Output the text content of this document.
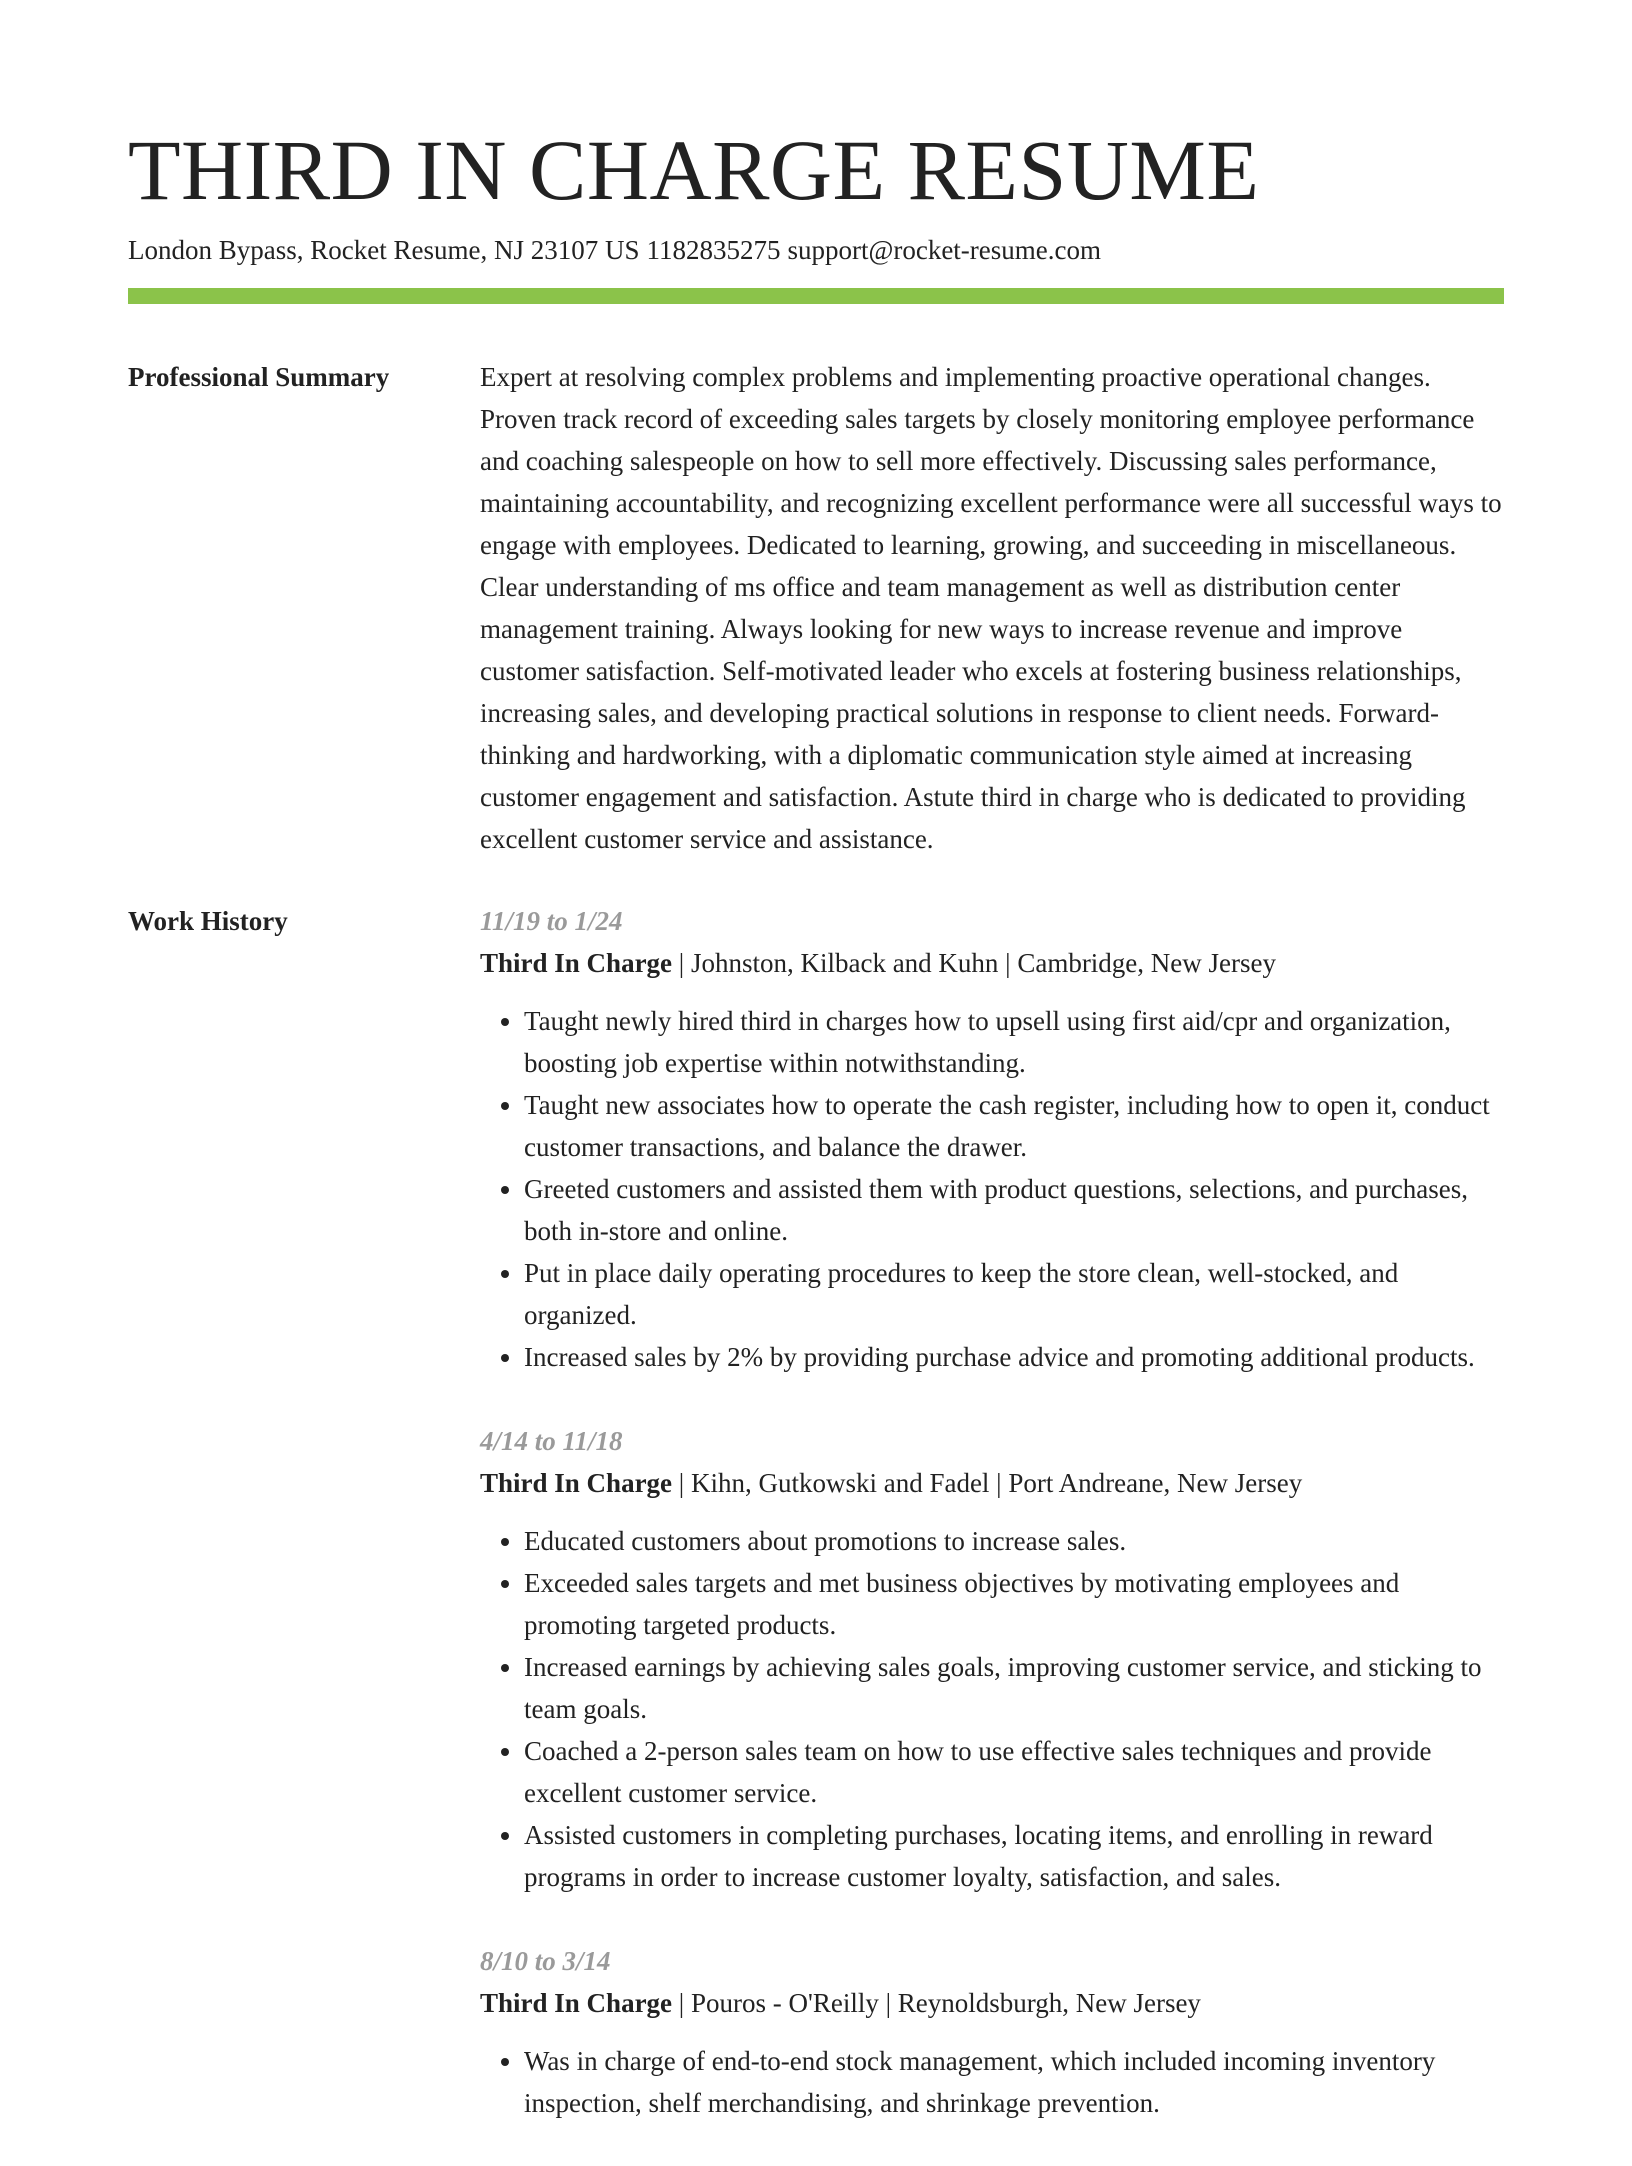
THIRD IN CHARGE RESUME
London Bypass, Rocket Resume, NJ 23107 US 1182835275 support@rocket-resume.com
Professional Summary	Expert at resolving complex problems and implementing proactive operational changes. Proven track record of exceeding sales targets by closely monitoring employee performance and coaching salespeople on how to sell more effectively. Discussing sales performance, maintaining accountability, and recognizing excellent performance were all successful ways to engage with employees. Dedicated to learning, growing, and succeeding in miscellaneous. Clear understanding of ms office and team management as well as distribution center management training. Always looking for new ways to increase revenue and improve customer satisfaction. Self-motivated leader who excels at fostering business relationships, increasing sales, and developing practical solutions in response to client needs. Forward-thinking and hardworking, with a diplomatic communication style aimed at increasing customer engagement and satisfaction. Astute third in charge who is dedicated to providing excellent customer service and assistance.

Work History	11/19 to 1/24
Third In Charge | Johnston, Kilback and Kuhn | Cambridge, New Jersey
• Taught newly hired third in charges how to upsell using first aid/cpr and organization, boosting job expertise within notwithstanding.
• Taught new associates how to operate the cash register, including how to open it, conduct customer transactions, and balance the drawer.
• Greeted customers and assisted them with product questions, selections, and purchases, both in-store and online.
• Put in place daily operating procedures to keep the store clean, well-stocked, and organized.
• Increased sales by 2% by providing purchase advice and promoting additional products.
4/14 to 11/18
Third In Charge | Kihn, Gutkowski and Fadel | Port Andreane, New Jersey
• Educated customers about promotions to increase sales.
• Exceeded sales targets and met business objectives by motivating employees and promoting targeted products.
• Increased earnings by achieving sales goals, improving customer service, and sticking to team goals.
• Coached a 2-person sales team on how to use effective sales techniques and provide excellent customer service.
• Assisted customers in completing purchases, locating items, and enrolling in reward programs in order to increase customer loyalty, satisfaction, and sales.
8/10 to 3/14
Third In Charge | Pouros - O'Reilly | Reynoldsburgh, New Jersey
• Was in charge of end-to-end stock management, which included incoming inventory inspection, shelf merchandising, and shrinkage prevention.
